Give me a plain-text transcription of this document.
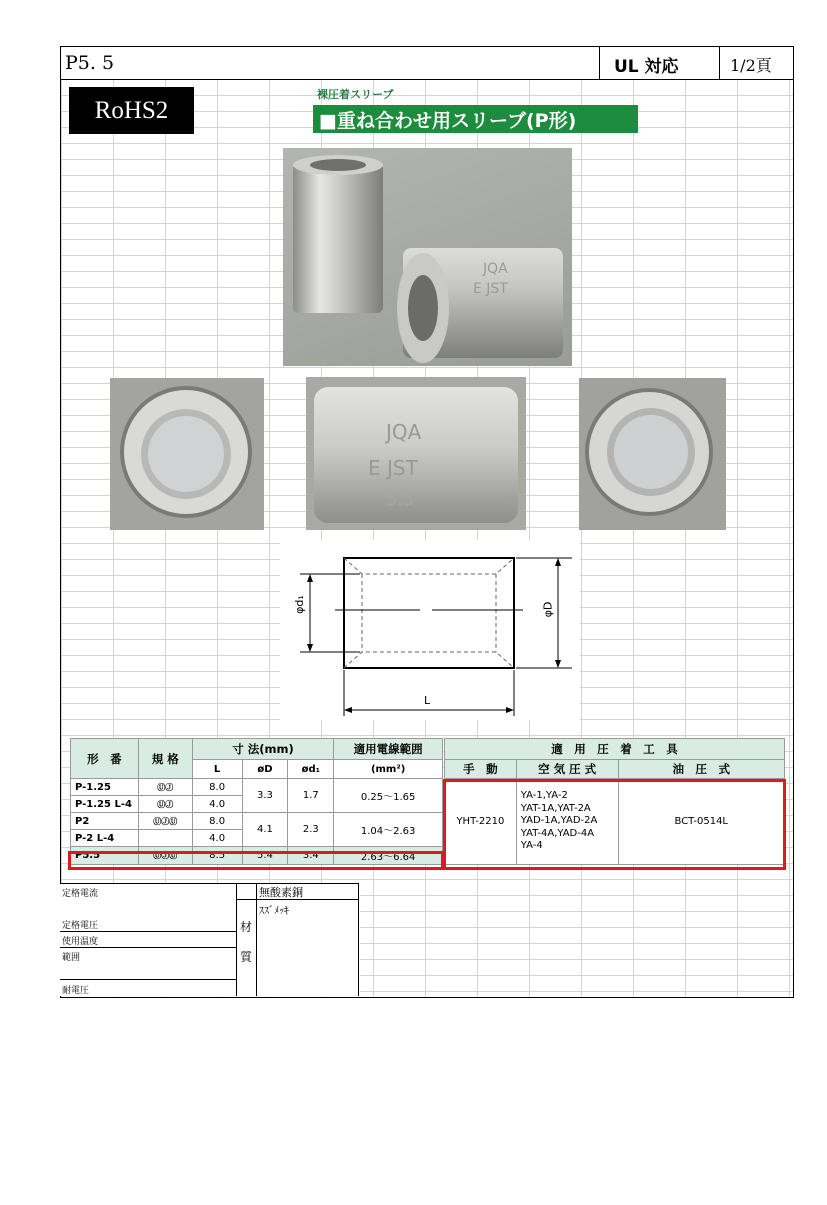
P5. 5	UL 対応	1/2頁
RoHS2
裸圧着スリーブ
■重ね合わせ用スリーブ(P形)
JQA
E JST
JQA
E JST
5.5
φd₁	φD
L
形　番	規 格	寸 法(mm)			適用電線範囲
		L	øD	ød₁	(mm²)
P-1.25	ⓊⒿ	8.0	3.3	1.7	0.25～1.65
P-1.25 L-4	ⓊⒿ	4.0			
P2	ⓊⒿⓊ	8.0	4.1	2.3	1.04～2.63
P-2 L-4		4.0			
P5.5	ⓊⒿⓊ	8.5	5.4	3.4	2.63～6.64
適　用　圧　着　工　具		
手　動	空 気 圧 式	油　圧　式
YHT-2210	YA-1,YA-2
YAT-1A,YAT-2A
YAD-1A,YAD-2A
YAT-4A,YAD-4A
YA-4	BCT-0514L
定格電流
定格電圧
使用温度
範囲
耐電圧
材
質
無酸素銅
ｽｽﾞﾒｯｷ
